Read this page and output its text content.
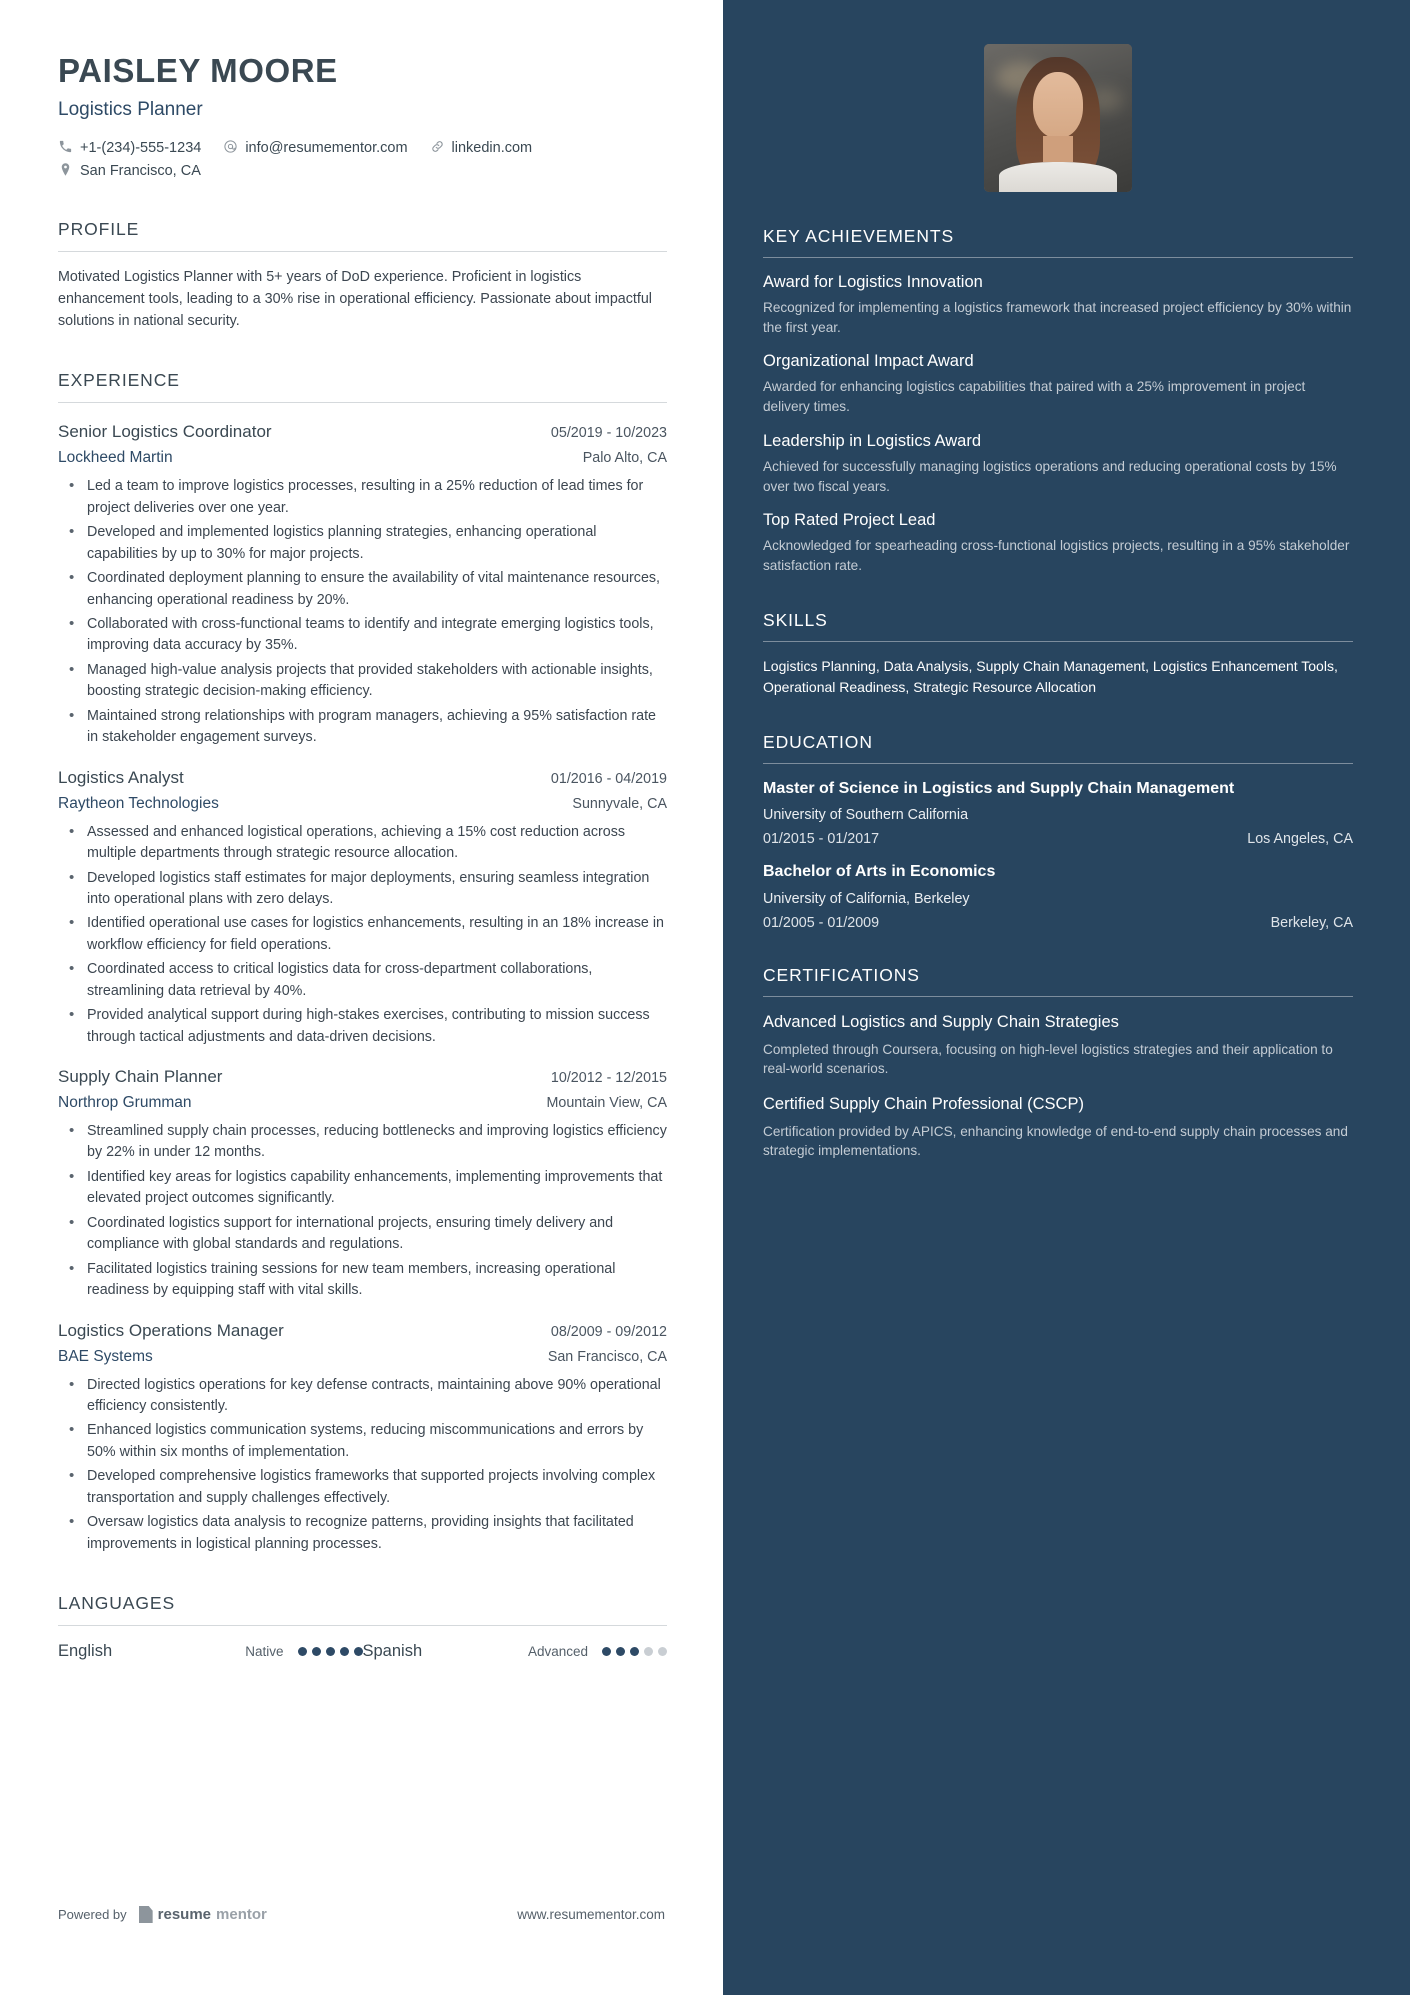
PAISLEY MOORE
Logistics Planner
+1-(234)-555-1234	info@resumementor.com	linkedin.com
San Francisco, CA
PROFILE
Motivated Logistics Planner with 5+ years of DoD experience. Proficient in logistics enhancement tools, leading to a 30% rise in operational efficiency. Passionate about impactful solutions in national security.
EXPERIENCE
Senior Logistics Coordinator	05/2019 - 10/2023
Lockheed Martin	Palo Alto, CA
• Led a team to improve logistics processes, resulting in a 25% reduction of lead times for project deliveries over one year.
• Developed and implemented logistics planning strategies, enhancing operational capabilities by up to 30% for major projects.
• Coordinated deployment planning to ensure the availability of vital maintenance resources, enhancing operational readiness by 20%.
• Collaborated with cross-functional teams to identify and integrate emerging logistics tools, improving data accuracy by 35%.
• Managed high-value analysis projects that provided stakeholders with actionable insights, boosting strategic decision-making efficiency.
• Maintained strong relationships with program managers, achieving a 95% satisfaction rate in stakeholder engagement surveys.
Logistics Analyst	01/2016 - 04/2019
Raytheon Technologies	Sunnyvale, CA
• Assessed and enhanced logistical operations, achieving a 15% cost reduction across multiple departments through strategic resource allocation.
• Developed logistics staff estimates for major deployments, ensuring seamless integration into operational plans with zero delays.
• Identified operational use cases for logistics enhancements, resulting in an 18% increase in workflow efficiency for field operations.
• Coordinated access to critical logistics data for cross-department collaborations, streamlining data retrieval by 40%.
• Provided analytical support during high-stakes exercises, contributing to mission success through tactical adjustments and data-driven decisions.
Supply Chain Planner	10/2012 - 12/2015
Northrop Grumman	Mountain View, CA
• Streamlined supply chain processes, reducing bottlenecks and improving logistics efficiency by 22% in under 12 months.
• Identified key areas for logistics capability enhancements, implementing improvements that elevated project outcomes significantly.
• Coordinated logistics support for international projects, ensuring timely delivery and compliance with global standards and regulations.
• Facilitated logistics training sessions for new team members, increasing operational readiness by equipping staff with vital skills.
Logistics Operations Manager	08/2009 - 09/2012
BAE Systems	San Francisco, CA
• Directed logistics operations for key defense contracts, maintaining above 90% operational efficiency consistently.
• Enhanced logistics communication systems, reducing miscommunications and errors by 50% within six months of implementation.
• Developed comprehensive logistics frameworks that supported projects involving complex transportation and supply challenges effectively.
• Oversaw logistics data analysis to recognize patterns, providing insights that facilitated improvements in logistical planning processes.
LANGUAGES
English	Native	Spanish	Advanced
Powered by resume mentor	www.resumementor.com
KEY ACHIEVEMENTS
Award for Logistics Innovation
Recognized for implementing a logistics framework that increased project efficiency by 30% within the first year.
Organizational Impact Award
Awarded for enhancing logistics capabilities that paired with a 25% improvement in project delivery times.
Leadership in Logistics Award
Achieved for successfully managing logistics operations and reducing operational costs by 15% over two fiscal years.
Top Rated Project Lead
Acknowledged for spearheading cross-functional logistics projects, resulting in a 95% stakeholder satisfaction rate.
SKILLS
Logistics Planning, Data Analysis, Supply Chain Management, Logistics Enhancement Tools, Operational Readiness, Strategic Resource Allocation
EDUCATION
Master of Science in Logistics and Supply Chain Management
University of Southern California
01/2015 - 01/2017	Los Angeles, CA
Bachelor of Arts in Economics
University of California, Berkeley
01/2005 - 01/2009	Berkeley, CA
CERTIFICATIONS
Advanced Logistics and Supply Chain Strategies
Completed through Coursera, focusing on high-level logistics strategies and their application to real-world scenarios.
Certified Supply Chain Professional (CSCP)
Certification provided by APICS, enhancing knowledge of end-to-end supply chain processes and strategic implementations.
